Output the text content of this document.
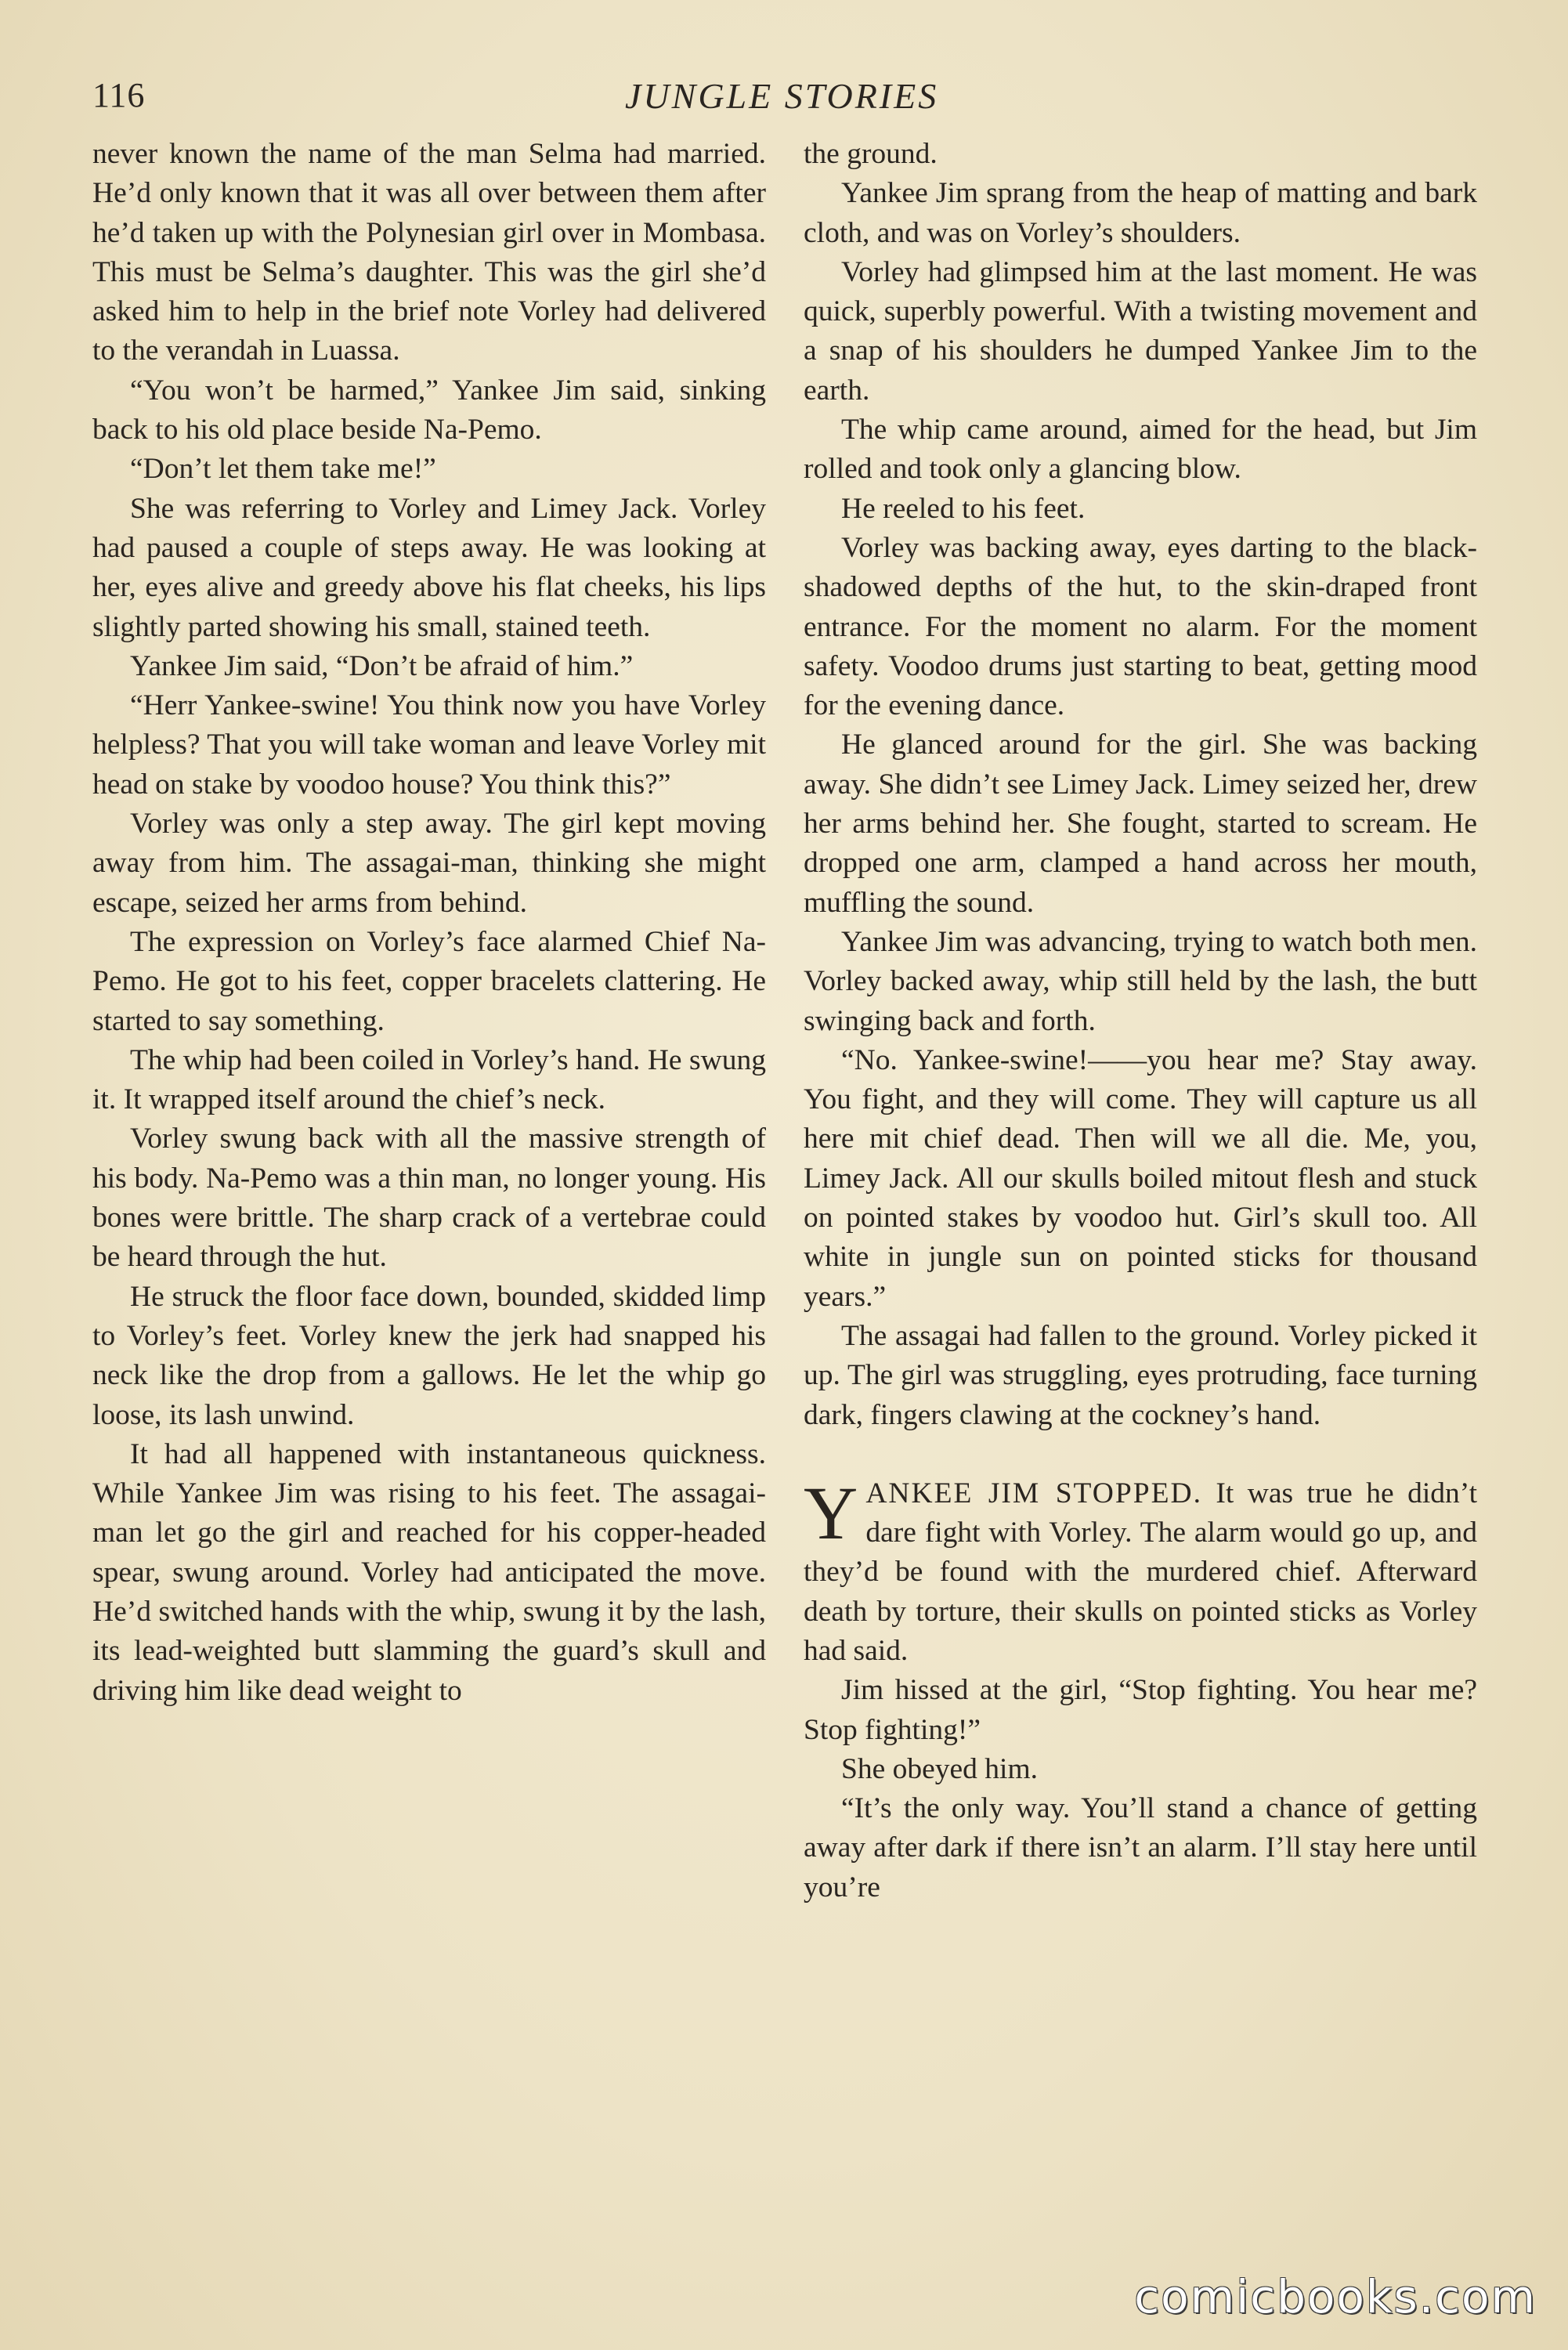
116	JUNGLE STORIES

never known the name of the man Selma had married. He’d only known that it was all over between them after he’d taken up with the Polynesian girl over in Mombasa. This must be Selma’s daughter. This was the girl she’d asked him to help in the brief note Vorley had delivered to the verandah in Luassa.

“You won’t be harmed,” Yankee Jim said, sinking back to his old place beside Na-Pemo.

“Don’t let them take me!”

She was referring to Vorley and Limey Jack. Vorley had paused a couple of steps away. He was looking at her, eyes alive and greedy above his flat cheeks, his lips slightly parted showing his small, stained teeth.

Yankee Jim said, “Don’t be afraid of him.”

“Herr Yankee-swine! You think now you have Vorley helpless? That you will take woman and leave Vorley mit head on stake by voodoo house? You think this?”

Vorley was only a step away. The girl kept moving away from him. The assagai-man, thinking she might escape, seized her arms from behind.

The expression on Vorley’s face alarmed Chief Na-Pemo. He got to his feet, copper bracelets clattering. He started to say something.

The whip had been coiled in Vorley’s hand. He swung it. It wrapped itself around the chief’s neck.

Vorley swung back with all the massive strength of his body. Na-Pemo was a thin man, no longer young. His bones were brittle. The sharp crack of a vertebrae could be heard through the hut.

He struck the floor face down, bounded, skidded limp to Vorley’s feet. Vorley knew the jerk had snapped his neck like the drop from a gallows. He let the whip go loose, its lash unwind.

It had all happened with instantaneous quickness. While Yankee Jim was rising to his feet. The assagai-man let go the girl and reached for his copper-headed spear, swung around. Vorley had anticipated the move. He’d switched hands with the whip, swung it by the lash, its lead-weighted butt slamming the guard’s skull and driving him like dead weight to

the ground.

Yankee Jim sprang from the heap of matting and bark cloth, and was on Vorley’s shoulders.

Vorley had glimpsed him at the last moment. He was quick, superbly powerful. With a twisting movement and a snap of his shoulders he dumped Yankee Jim to the earth.

The whip came around, aimed for the head, but Jim rolled and took only a glancing blow.

He reeled to his feet.

Vorley was backing away, eyes darting to the black-shadowed depths of the hut, to the skin-draped front entrance. For the moment no alarm. For the moment safety. Voodoo drums just starting to beat, getting mood for the evening dance.

He glanced around for the girl. She was backing away. She didn’t see Limey Jack. Limey seized her, drew her arms behind her. She fought, started to scream. He dropped one arm, clamped a hand across her mouth, muffling the sound.

Yankee Jim was advancing, trying to watch both men. Vorley backed away, whip still held by the lash, the butt swinging back and forth.

“No. Yankee-swine!——you hear me? Stay away. You fight, and they will come. They will capture us all here mit chief dead. Then will we all die. Me, you, Limey Jack. All our skulls boiled mitout flesh and stuck on pointed stakes by voodoo hut. Girl’s skull too. All white in jungle sun on pointed sticks for thousand years.”

The assagai had fallen to the ground. Vorley picked it up. The girl was struggling, eyes protruding, face turning dark, fingers clawing at the cockney’s hand.

YANKEE JIM STOPPED. It was true he didn’t dare fight with Vorley. The alarm would go up, and they’d be found with the murdered chief. Afterward death by torture, their skulls on pointed sticks as Vorley had said.

Jim hissed at the girl, “Stop fighting. You hear me? Stop fighting!”

She obeyed him.

“It’s the only way. You’ll stand a chance of getting away after dark if there isn’t an alarm. I’ll stay here until you’re

comicbooks.com
